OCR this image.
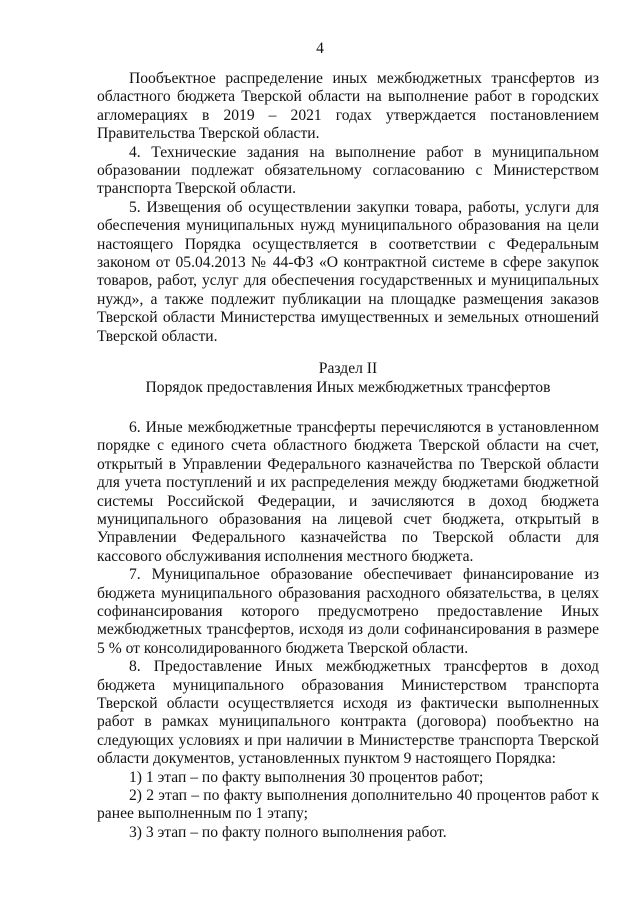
4

Пообъектное распределение иных межбюджетных трансфертов из областного бюджета Тверской области на выполнение работ в городских агломерациях в 2019 – 2021 годах утверждается постановлением Правительства Тверской области.

4. Технические задания на выполнение работ в муниципальном образовании подлежат обязательному согласованию с Министерством транспорта Тверской области.

5. Извещения об осуществлении закупки товара, работы, услуги для обеспечения муниципальных нужд муниципального образования на цели настоящего Порядка осуществляется в соответствии с Федеральным законом от 05.04.2013 № 44-ФЗ «О контрактной системе в сфере закупок товаров, работ, услуг для обеспечения государственных и муниципальных нужд», а также подлежит публикации на площадке размещения заказов Тверской области Министерства имущественных и земельных отношений Тверской области.

Раздел II

Порядок предоставления Иных межбюджетных трансфертов

6. Иные межбюджетные трансферты перечисляются в установленном порядке с единого счета областного бюджета Тверской области на счет, открытый в Управлении Федерального казначейства по Тверской области для учета поступлений и их распределения между бюджетами бюджетной системы Российской Федерации, и зачисляются в доход бюджета муниципального образования на лицевой счет бюджета, открытый в Управлении Федерального казначейства по Тверской области для кассового обслуживания исполнения местного бюджета.

7. Муниципальное образование обеспечивает финансирование из бюджета муниципального образования расходного обязательства, в целях софинансирования которого предусмотрено предоставление Иных межбюджетных трансфертов, исходя из доли софинансирования в размере 5 % от консолидированного бюджета Тверской области.

8. Предоставление Иных межбюджетных трансфертов в доход бюджета муниципального образования Министерством транспорта Тверской области осуществляется исходя из фактически выполненных работ в рамках муниципального контракта (договора) пообъектно на следующих условиях и при наличии в Министерстве транспорта Тверской области документов, установленных пунктом 9 настоящего Порядка:

1) 1 этап – по факту выполнения 30 процентов работ;

2) 2 этап – по факту выполнения дополнительно 40 процентов работ к ранее выполненным по 1 этапу;

3) 3 этап – по факту полного выполнения работ.
